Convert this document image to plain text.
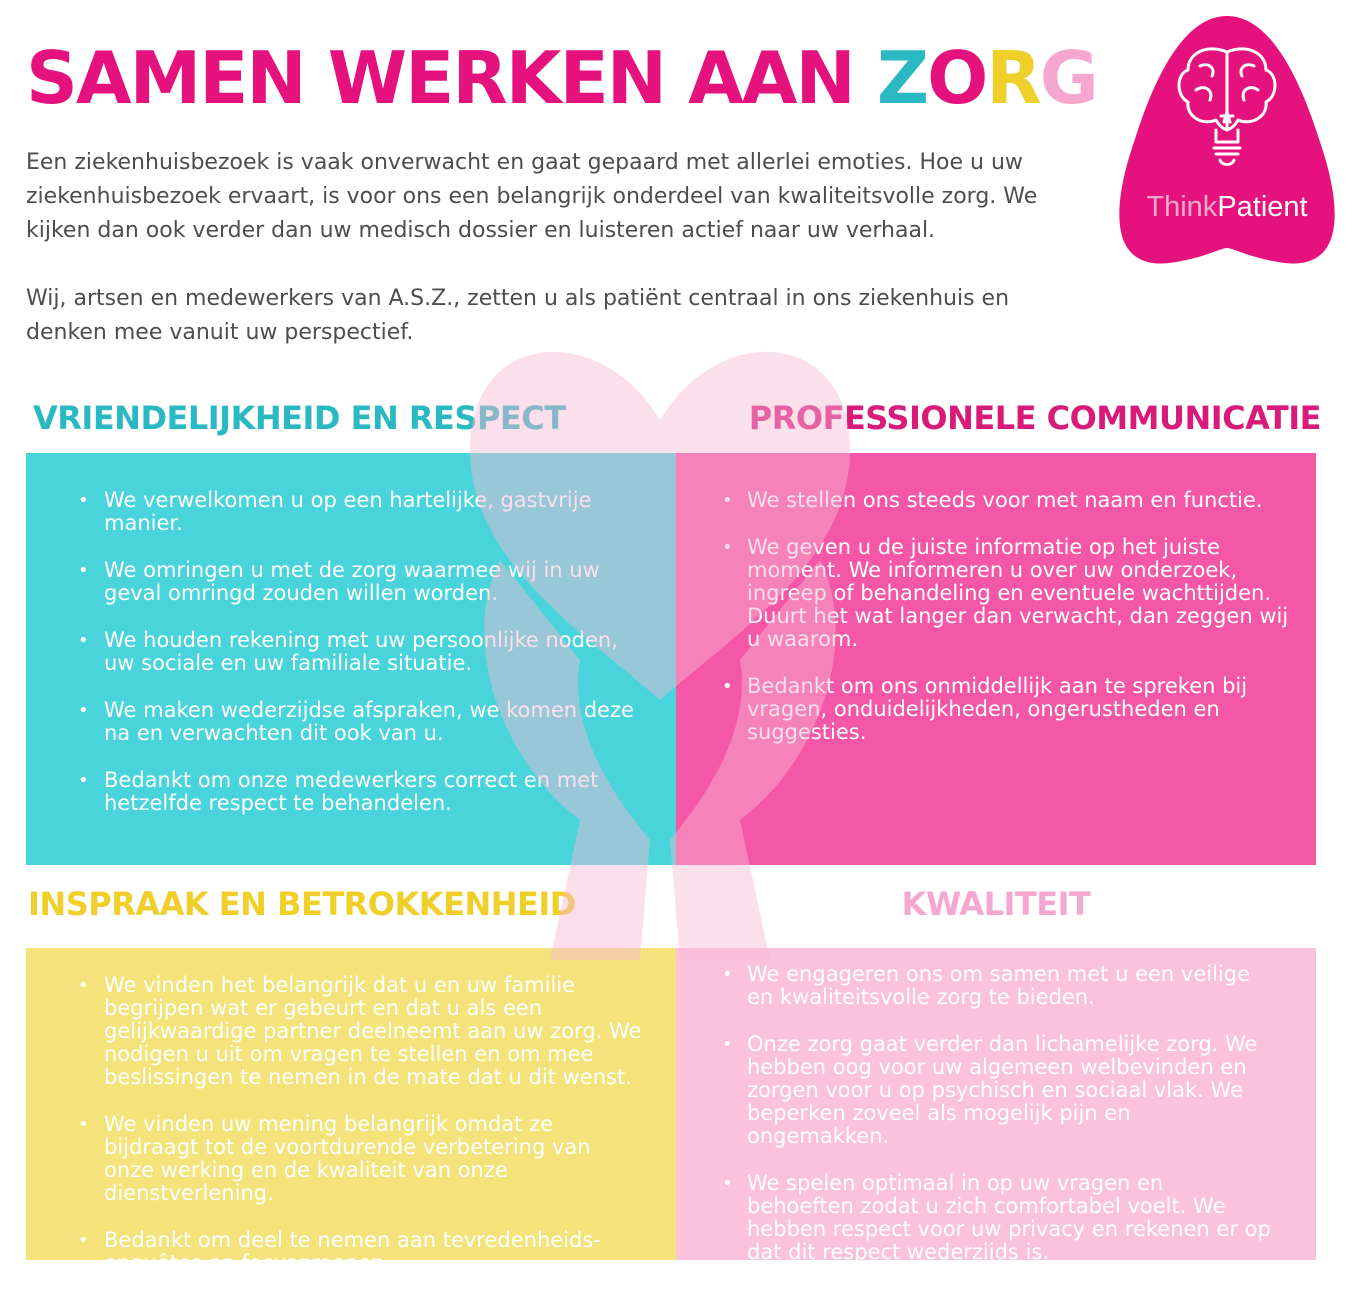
SAMEN WERKEN AAN ZORG

Een ziekenhuisbezoek is vaak onverwacht en gaat gepaard met allerlei emoties. Hoe u uw ziekenhuisbezoek ervaart, is voor ons een belangrijk onderdeel van kwaliteitsvolle zorg. We kijken dan ook verder dan uw medisch dossier en luisteren actief naar uw verhaal.

Wij, artsen en medewerkers van A.S.Z., zetten u als patiënt centraal in ons ziekenhuis en denken mee vanuit uw perspectief.

ThinkPatient
VRIENDELIJKHEID EN RESPECT	PROFESSIONELE COMMUNICATIE
INSPRAAK EN BETROKKENHEID	KWALITEIT
• We verwelkomen u op een hartelijke, gastvrije manier.
• We omringen u met de zorg waarmee wij in uw geval omringd zouden willen worden.
• We houden rekening met uw persoonlijke noden, uw sociale en uw familiale situatie.
• We maken wederzijdse afspraken, we komen deze na en verwachten dit ook van u.
• Bedankt om onze medewerkers correct en met hetzelfde respect te behandelen.
• We stellen ons steeds voor met naam en functie.
• We geven u de juiste informatie op het juiste moment. We informeren u over uw onderzoek, ingreep of behandeling en eventuele wachttijden. Duurt het wat langer dan verwacht, dan zeggen wij u waarom.
• Bedankt om ons onmiddellijk aan te spreken bij vragen, onduidelijkheden, ongerustheden en suggesties.
• We vinden het belangrijk dat u en uw familie begrijpen wat er gebeurt en dat u als een gelijkwaardige partner deelneemt aan uw zorg. We nodigen u uit om vragen te stellen en om mee beslissingen te nemen in de mate dat u dit wenst.
• We vinden uw mening belangrijk omdat ze bijdraagt tot de voortdurende verbetering van onze werking en de kwaliteit van onze dienstverlening.
• Bedankt om deel te nemen aan tevredenheids-enquêtes en focusgroepen.
• We engageren ons om samen met u een veilige en kwaliteitsvolle zorg te bieden.
• Onze zorg gaat verder dan lichamelijke zorg. We hebben oog voor uw algemeen welbevinden en zorgen voor u op psychisch en sociaal vlak. We beperken zoveel als mogelijk pijn en ongemakken.
• We spelen optimaal in op uw vragen en behoeften zodat u zich comfortabel voelt. We hebben respect voor uw privacy en rekenen er op dat dit respect wederzijds is.
